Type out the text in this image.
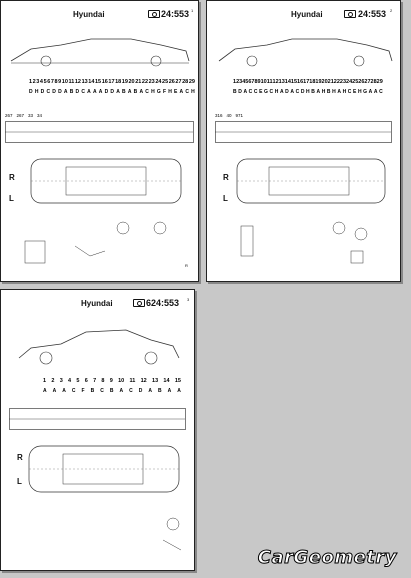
Hyundai	24:553 1
1 2 3 4 5 6 7 8 9 10 11 12 13 14 15 16 17 18 19 20 21 22 23 24 25 26 27 28 29
D H D C D D A B D C A A A D D A B A B A C H G F H E A C H
267 267 33 34
R
L
R
Hyundai	24:553 2
1 2 3 4 5 6 7 8 9 10 11 12 13 14 15 16 17 18 19 20 21 22 23 24 25 26 27 28 29
B D A C C E G C H A D A C D H B A H B H A H C E H G A A C
316 40 971
R
L
Hyundai	624:553 3
1 2 3 4 5 6 7 8 9 10 11 12 13 14 15
A A A C F B C B A C D A B A A
R
L
CarGeometry
